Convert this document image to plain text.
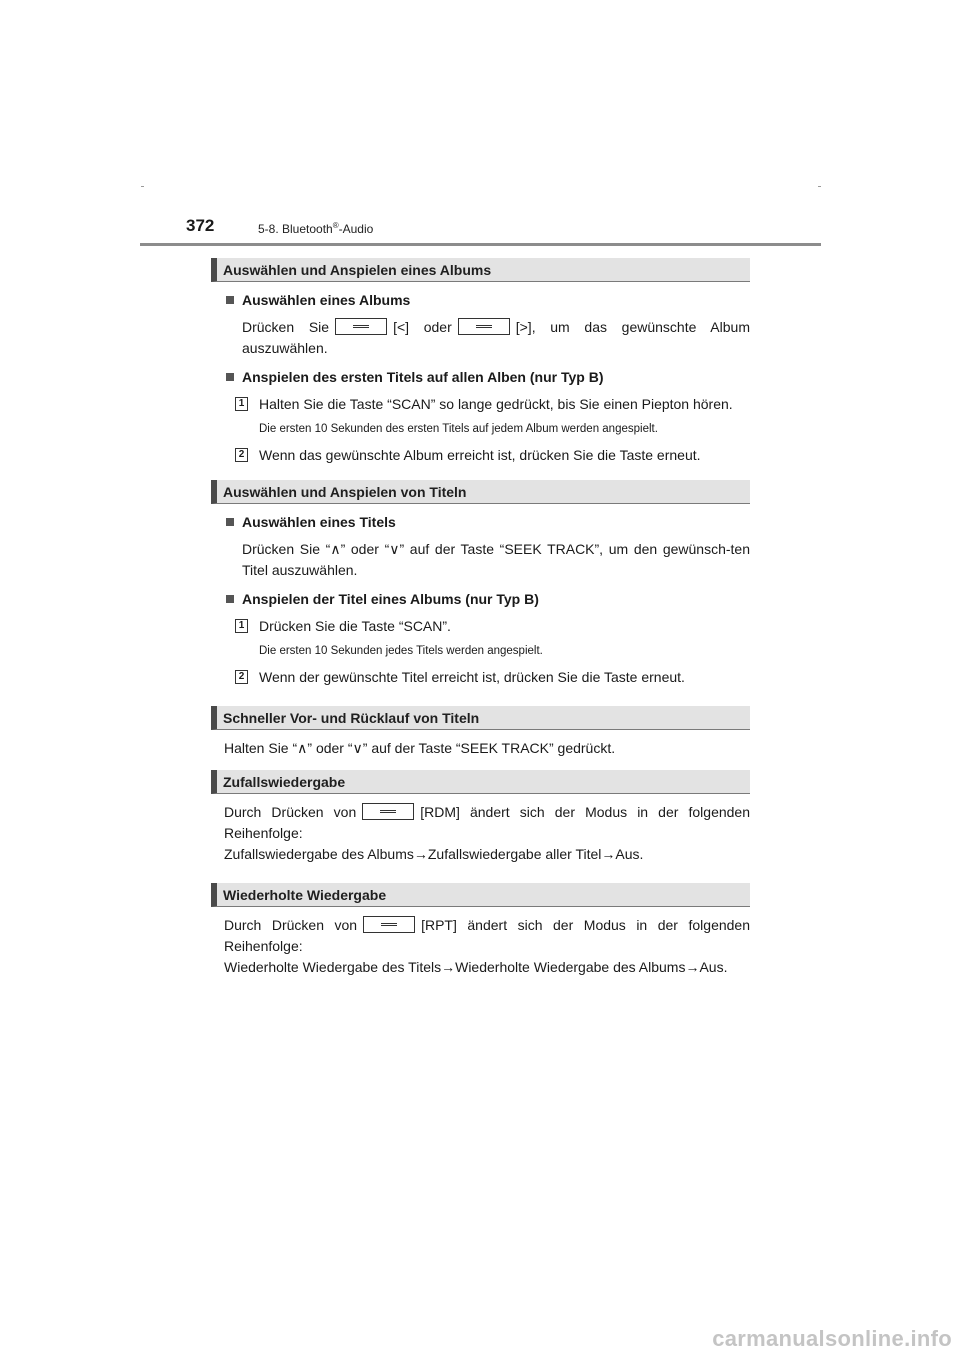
372	5-8. Bluetooth®-Audio
Auswählen und Anspielen eines Albums
Auswählen eines Albums
Drücken Sie	[<] oder	[>], um das gewünschte Album auszuwählen.
Anspielen des ersten Titels auf allen Alben (nur Typ B)
1 Halten Sie die Taste “SCAN” so lange gedrückt, bis Sie einen Piepton hören.
Die ersten 10 Sekunden des ersten Titels auf jedem Album werden angespielt.
2 Wenn das gewünschte Album erreicht ist, drücken Sie die Taste erneut.
Auswählen und Anspielen von Titeln
Auswählen eines Titels
Drücken Sie “∧” oder “∨” auf der Taste “SEEK TRACK”, um den gewünsch-ten Titel auszuwählen.
Anspielen der Titel eines Albums (nur Typ B)
1 Drücken Sie die Taste “SCAN”.
Die ersten 10 Sekunden jedes Titels werden angespielt.
2 Wenn der gewünschte Titel erreicht ist, drücken Sie die Taste erneut.
Schneller Vor- und Rücklauf von Titeln
Halten Sie “∧” oder “∨” auf der Taste “SEEK TRACK” gedrückt.
Zufallswiedergabe
Durch Drücken von	[RDM] ändert sich der Modus in der folgenden Reihenfolge:
Zufallswiedergabe des Albums→Zufallswiedergabe aller Titel→Aus.
Wiederholte Wiedergabe
Durch Drücken von	[RPT] ändert sich der Modus in der folgenden Reihenfolge:
Wiederholte Wiedergabe des Titels→Wiederholte Wiedergabe des Albums→Aus.
carmanualsonline.info
